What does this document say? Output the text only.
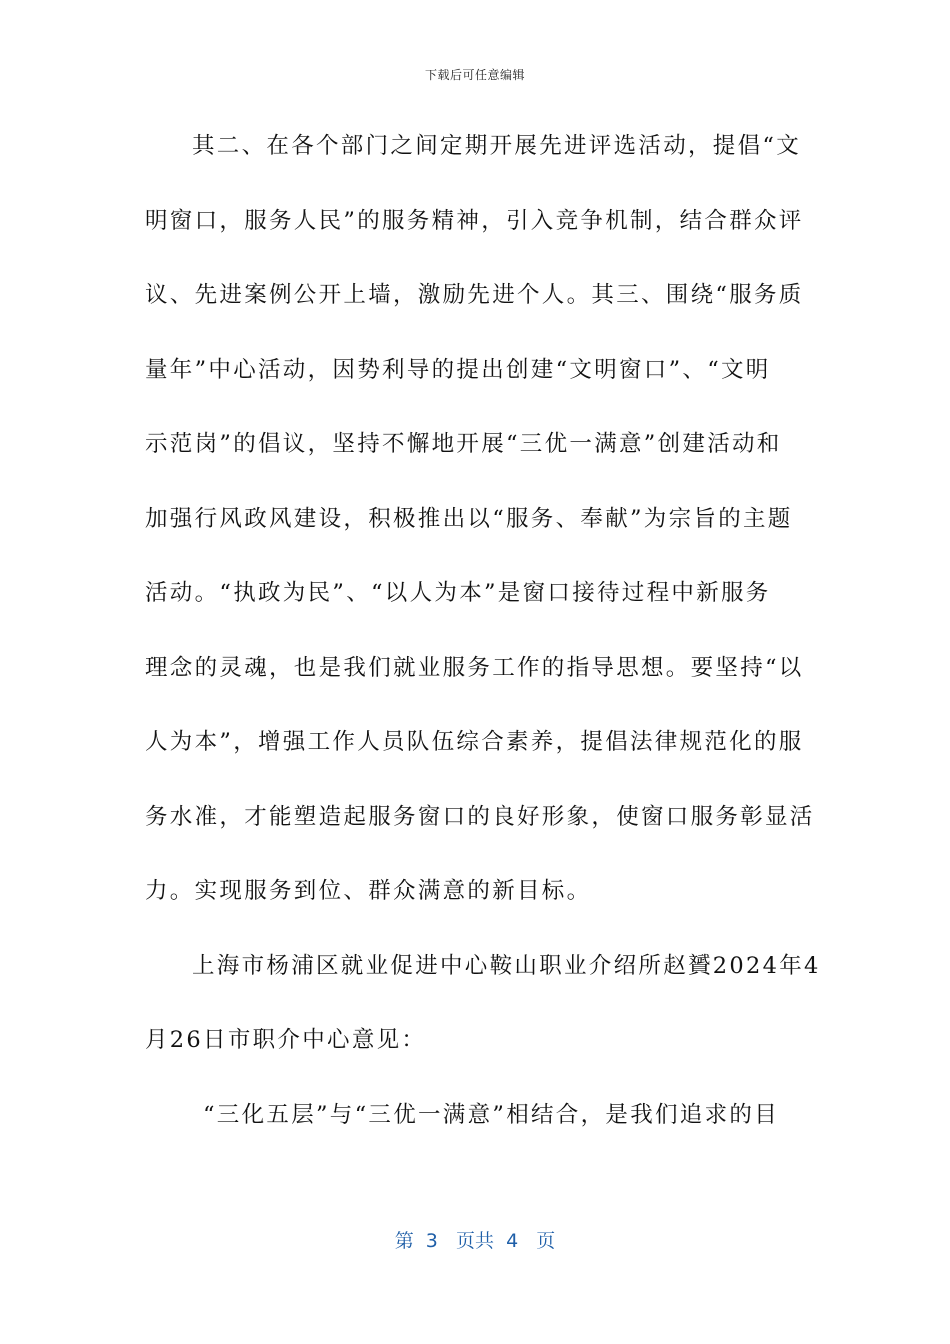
下载后可任意编辑
其二、在各个部门之间定期开展先进评选活动，提倡“文
明窗口，服务人民”的服务精神，引入竞争机制，结合群众评
议、先进案例公开上墙，激励先进个人。其三、围绕“服务质
量年”中心活动，因势利导的提出创建“文明窗口”、“文明
示范岗”的倡议，坚持不懈地开展“三优一满意”创建活动和
加强行风政风建设，积极推出以“服务、奉献”为宗旨的主题
活动。“执政为民”、“以人为本”是窗口接待过程中新服务
理念的灵魂，也是我们就业服务工作的指导思想。要坚持“以
人为本”，增强工作人员队伍综合素养，提倡法律规范化的服
务水准，才能塑造起服务窗口的良好形象，使窗口服务彰显活
力。实现服务到位、群众满意的新目标。
上海市杨浦区就业促进中心鞍山职业介绍所赵贇2024年4
月26日市职介中心意见：
“三化五层”与“三优一满意”相结合，是我们追求的目
第  3   页共  4   页
